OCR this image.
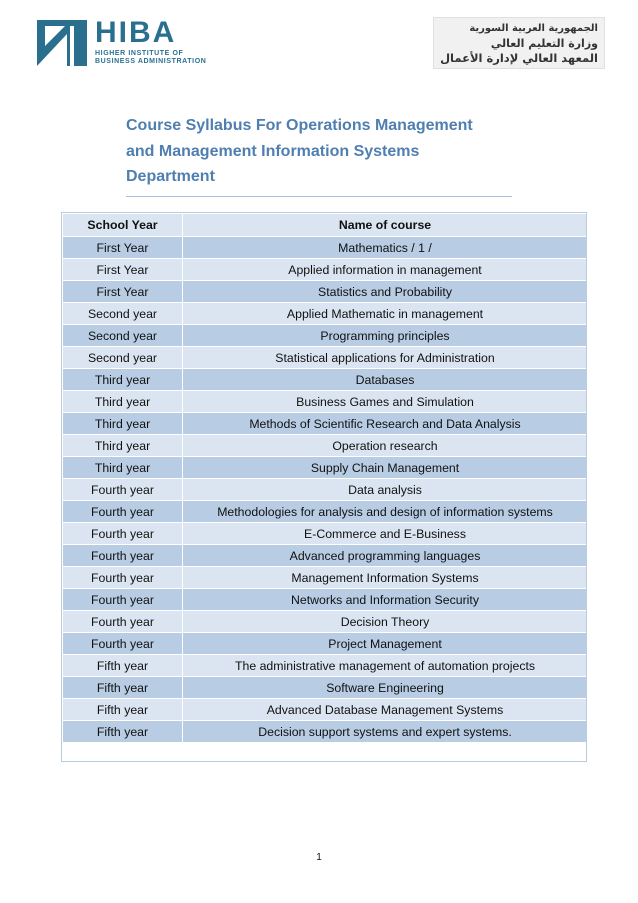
HIBA
HIGHER INSTITUTE OF
BUSINESS ADMINISTRATION
الجمهورية العربية السورية
وزارة التعليم العالي
المعهد العالي لإدارة الأعمال
Course Syllabus For Operations Management
and Management Information Systems
Department
School Year	Name of course
First Year	Mathematics / 1 /
First Year	Applied information in management
First Year	Statistics and Probability
Second year	Applied Mathematic in management
Second year	Programming principles
Second year	Statistical applications for Administration
Third year	Databases
Third year	Business Games and Simulation
Third year	Methods of Scientific Research and Data Analysis
Third year	Operation research
Third year	Supply Chain Management
Fourth year	Data analysis
Fourth year	Methodologies for analysis and design of information systems
Fourth year	E-Commerce and E-Business
Fourth year	Advanced programming languages
Fourth year	Management Information Systems
Fourth year	Networks and Information Security
Fourth year	Decision Theory
Fourth year	Project Management
Fifth year	The administrative management of automation projects
Fifth year	Software Engineering
Fifth year	Advanced Database Management Systems
Fifth year	Decision support systems and expert systems.
1
